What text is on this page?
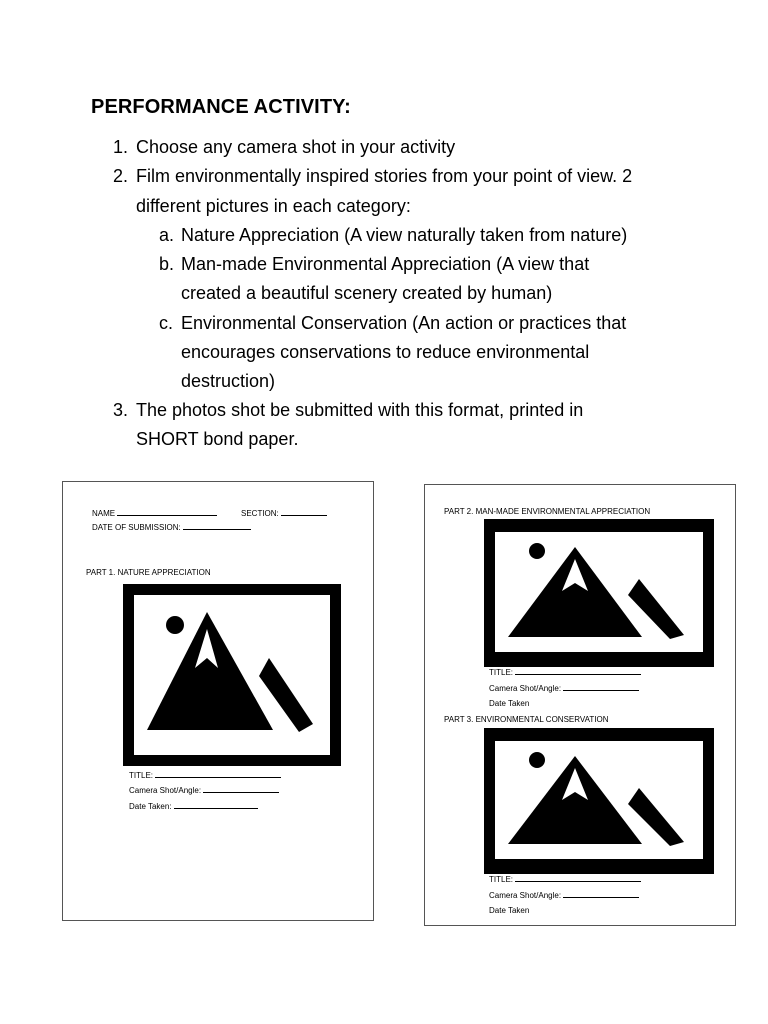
PERFORMANCE ACTIVITY:
1. Choose any camera shot in your activity
2. Film environmentally inspired stories from your point of view. 2
different pictures in each category:
a. Nature Appreciation (A view naturally taken from nature)
b. Man-made Environmental Appreciation (A view that
created a beautiful scenery created by human)
c. Environmental Conservation (An action or practices that
encourages conservations to reduce environmental
destruction)
3. The photos shot be submitted with this format, printed in
SHORT bond paper.
NAME	SECTION:
DATE OF SUBMISSION:
PART 1. NATURE APPRECIATION
TITLE:
Camera Shot/Angle:
Date Taken:
PART 2. MAN-MADE ENVIRONMENTAL APPRECIATION
TITLE:
Camera Shot/Angle:
Date Taken
PART 3. ENVIRONMENTAL CONSERVATION
TITLE:
Camera Shot/Angle:
Date Taken
